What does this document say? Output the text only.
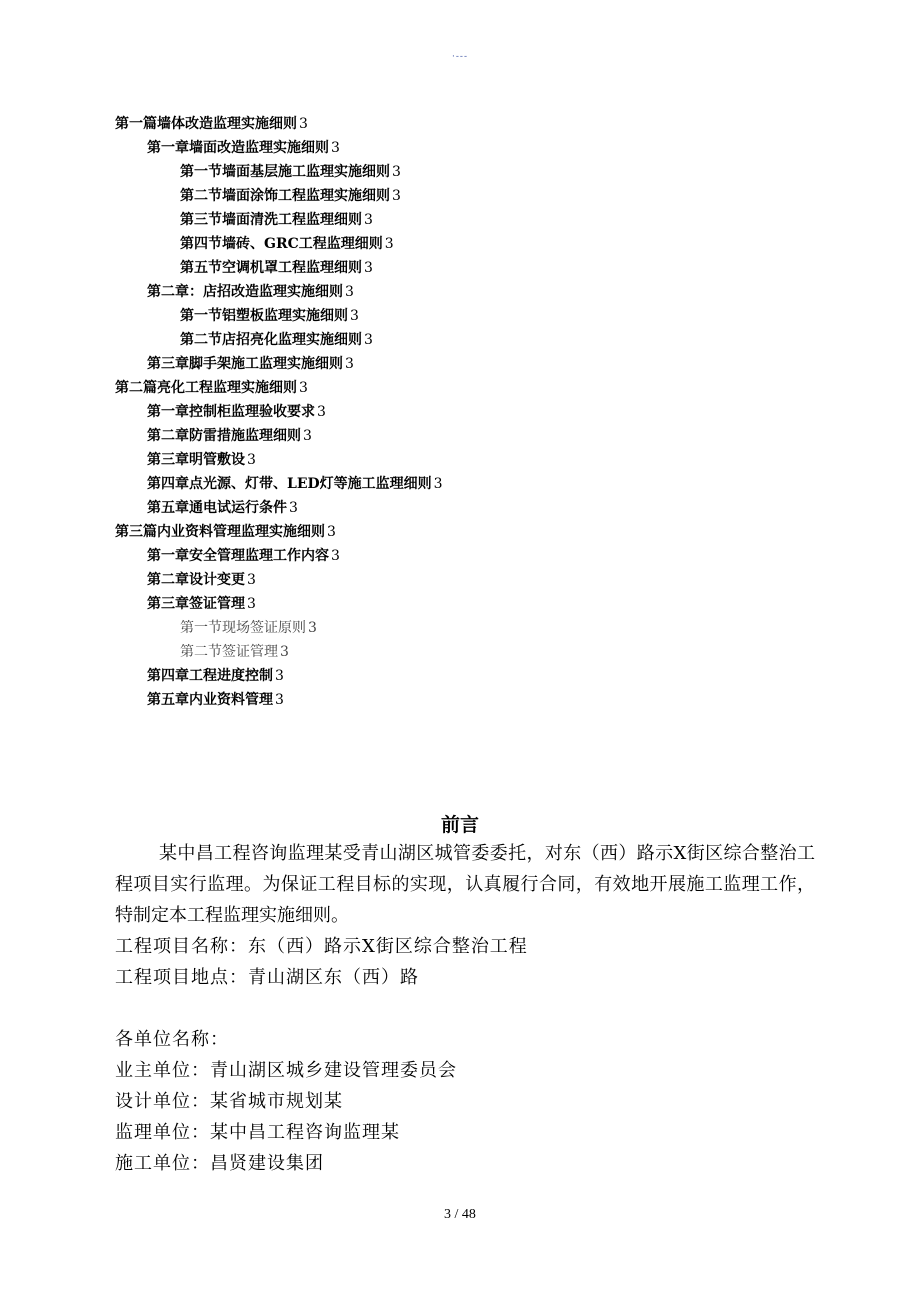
·---
第一篇墙体改造监理实施细则 3
第一章墙面改造监理实施细则 3
第一节墙面基层施工监理实施细则 3
第二节墙面涂饰工程监理实施细则 3
第三节墙面清洗工程监理细则 3
第四节墙砖、GRC工程监理细则 3
第五节空调机罩工程监理细则 3
第二章：店招改造监理实施细则 3
第一节铝塑板监理实施细则 3
第二节店招亮化监理实施细则 3
第三章脚手架施工监理实施细则 3
第二篇亮化工程监理实施细则 3
第一章控制柜监理验收要求 3
第二章防雷措施监理细则 3
第三章明管敷设 3
第四章点光源、灯带、LED灯等施工监理细则 3
第五章通电试运行条件 3
第三篇内业资料管理监理实施细则 3
第一章安全管理监理工作内容 3
第二章设计变更 3
第三章签证管理 3
第一节现场签证原则 3
第二节签证管理 3
第四章工程进度控制 3
第五章内业资料管理 3
前言
某中昌工程咨询监理某受青山湖区城管委委托，对东（西）路示X街区综合整治工程项目实行监理。为保证工程目标的实现，认真履行合同，有效地开展施工监理工作，特制定本工程监理实施细则。
工程项目名称：东（西）路示X街区综合整治工程
工程项目地点：青山湖区东（西）路
各单位名称：
业主单位：青山湖区城乡建设管理委员会
设计单位：某省城市规划某
监理单位：某中昌工程咨询监理某
施工单位：昌贤建设集团
3 / 48
